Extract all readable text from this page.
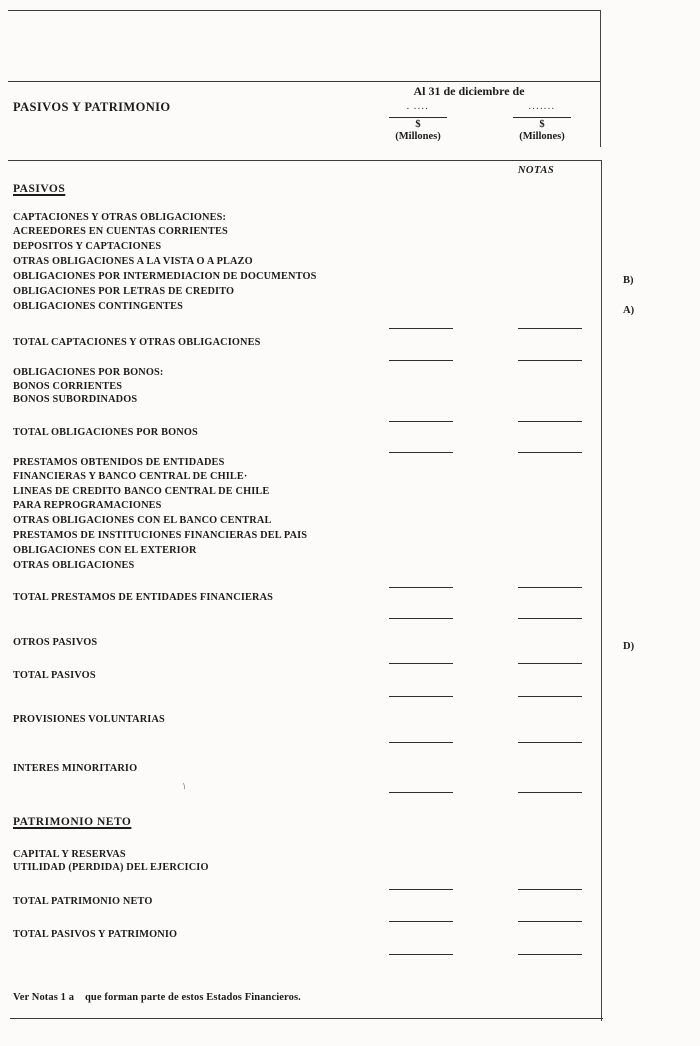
PASIVOS Y PATRIMONIO
Al 31 de diciembre de
· ····
$
(Millones)
·······
$
(Millones)
NOTAS
PASIVOS
CAPTACIONES Y OTRAS OBLIGACIONES:
ACREEDORES EN CUENTAS CORRIENTES
DEPOSITOS Y CAPTACIONES
OTRAS OBLIGACIONES A LA VISTA O A PLAZO
OBLIGACIONES POR INTERMEDIACION DE DOCUMENTOS	B)
OBLIGACIONES POR LETRAS DE CREDITO
OBLIGACIONES CONTINGENTES	A)
TOTAL CAPTACIONES Y OTRAS OBLIGACIONES
OBLIGACIONES POR BONOS:
BONOS CORRIENTES
BONOS SUBORDINADOS
TOTAL OBLIGACIONES POR BONOS
PRESTAMOS OBTENIDOS DE ENTIDADES
FINANCIERAS Y BANCO CENTRAL DE CHILE·
LINEAS DE CREDITO BANCO CENTRAL DE CHILE
PARA REPROGRAMACIONES
OTRAS OBLIGACIONES CON EL BANCO CENTRAL
PRESTAMOS DE INSTITUCIONES FINANCIERAS DEL PAIS
OBLIGACIONES CON EL EXTERIOR
OTRAS OBLIGACIONES
TOTAL PRESTAMOS DE ENTIDADES FINANCIERAS
OTROS PASIVOS	D)
TOTAL PASIVOS
PROVISIONES VOLUNTARIAS
INTERES MINORITARIO
\
PATRIMONIO NETO
CAPITAL Y RESERVAS
UTILIDAD (PERDIDA) DEL EJERCICIO
TOTAL PATRIMONIO NETO
TOTAL PASIVOS Y PATRIMONIO
Ver Notas 1 a    que forman parte de estos Estados Financieros.
